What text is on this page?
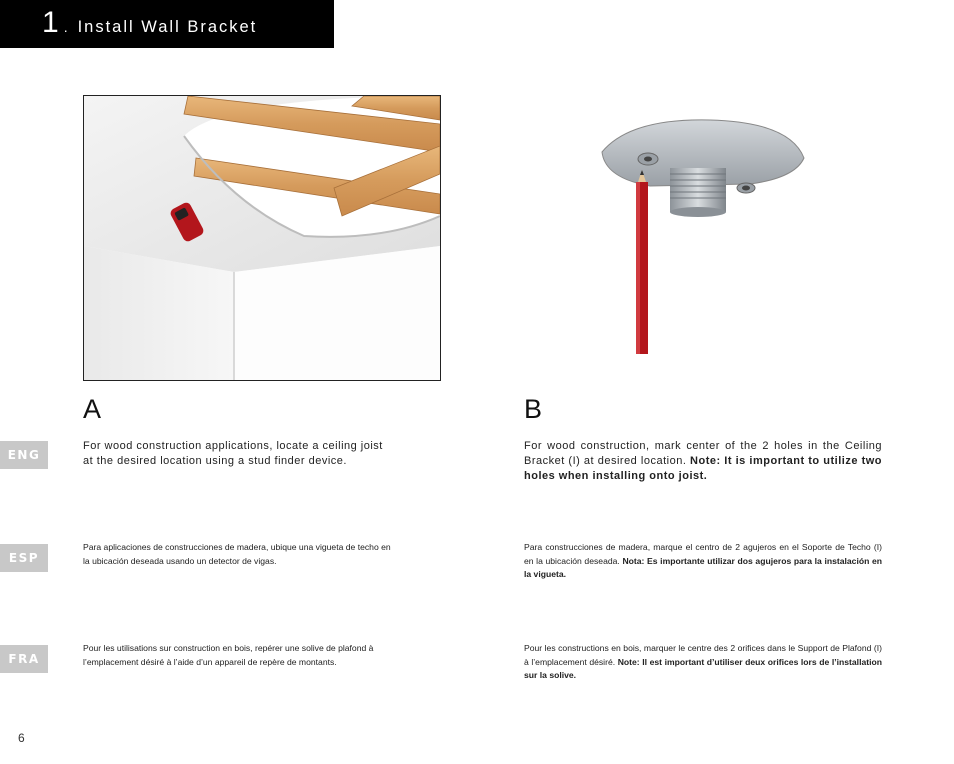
1 . Install Wall Bracket
A	B
ENG
ESP
FRA
For wood construction applications, locate a ceiling joist at the desired location using a stud finder device.
For wood construction, mark center of the 2 holes in the Ceiling Bracket (I) at desired location. Note: It is important to utilize two holes when installing onto joist.
Para aplicaciones de construcciones de madera, ubique una vigueta de techo en la ubicación deseada usando un detector de vigas.
Para construcciones de madera, marque el centro de 2 agujeros en el Soporte de Techo (I) en la ubicación deseada. Nota: Es importante utilizar dos agujeros para la instalación en la vigueta.
Pour les utilisations sur construction en bois, repérer une solive de plafond à l’emplacement désiré à l’aide d’un appareil de repère de montants.
Pour les constructions en bois, marquer le centre des 2 orifices dans le Support de Plafond (I) à l’emplacement désiré. Note: Il est important d’utiliser deux orifices lors de l’installation sur la solive.
6
